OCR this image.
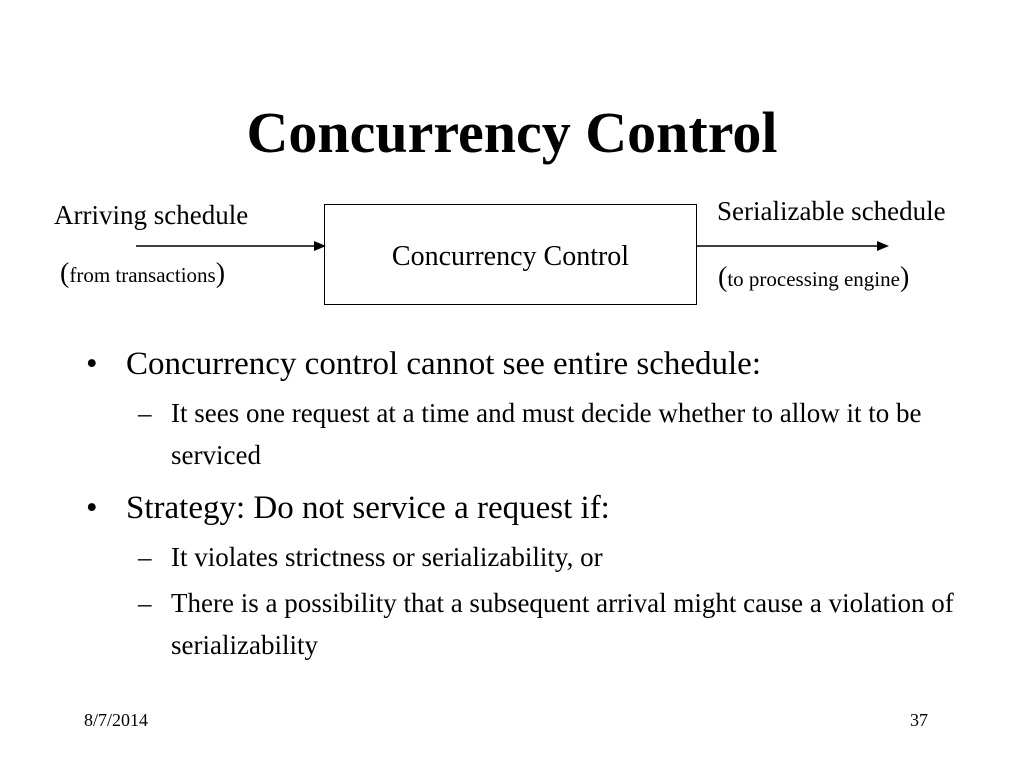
Concurrency Control
Arriving schedule
(from transactions)
Concurrency Control
Serializable schedule
(to processing engine)
• Concurrency control cannot see entire schedule:
– It sees one request at a time and must decide whether to allow it to be serviced
• Strategy: Do not service a request if:
– It violates strictness or serializability, or
– There is a possibility that a subsequent arrival might cause a violation of serializability
8/7/2014	37
